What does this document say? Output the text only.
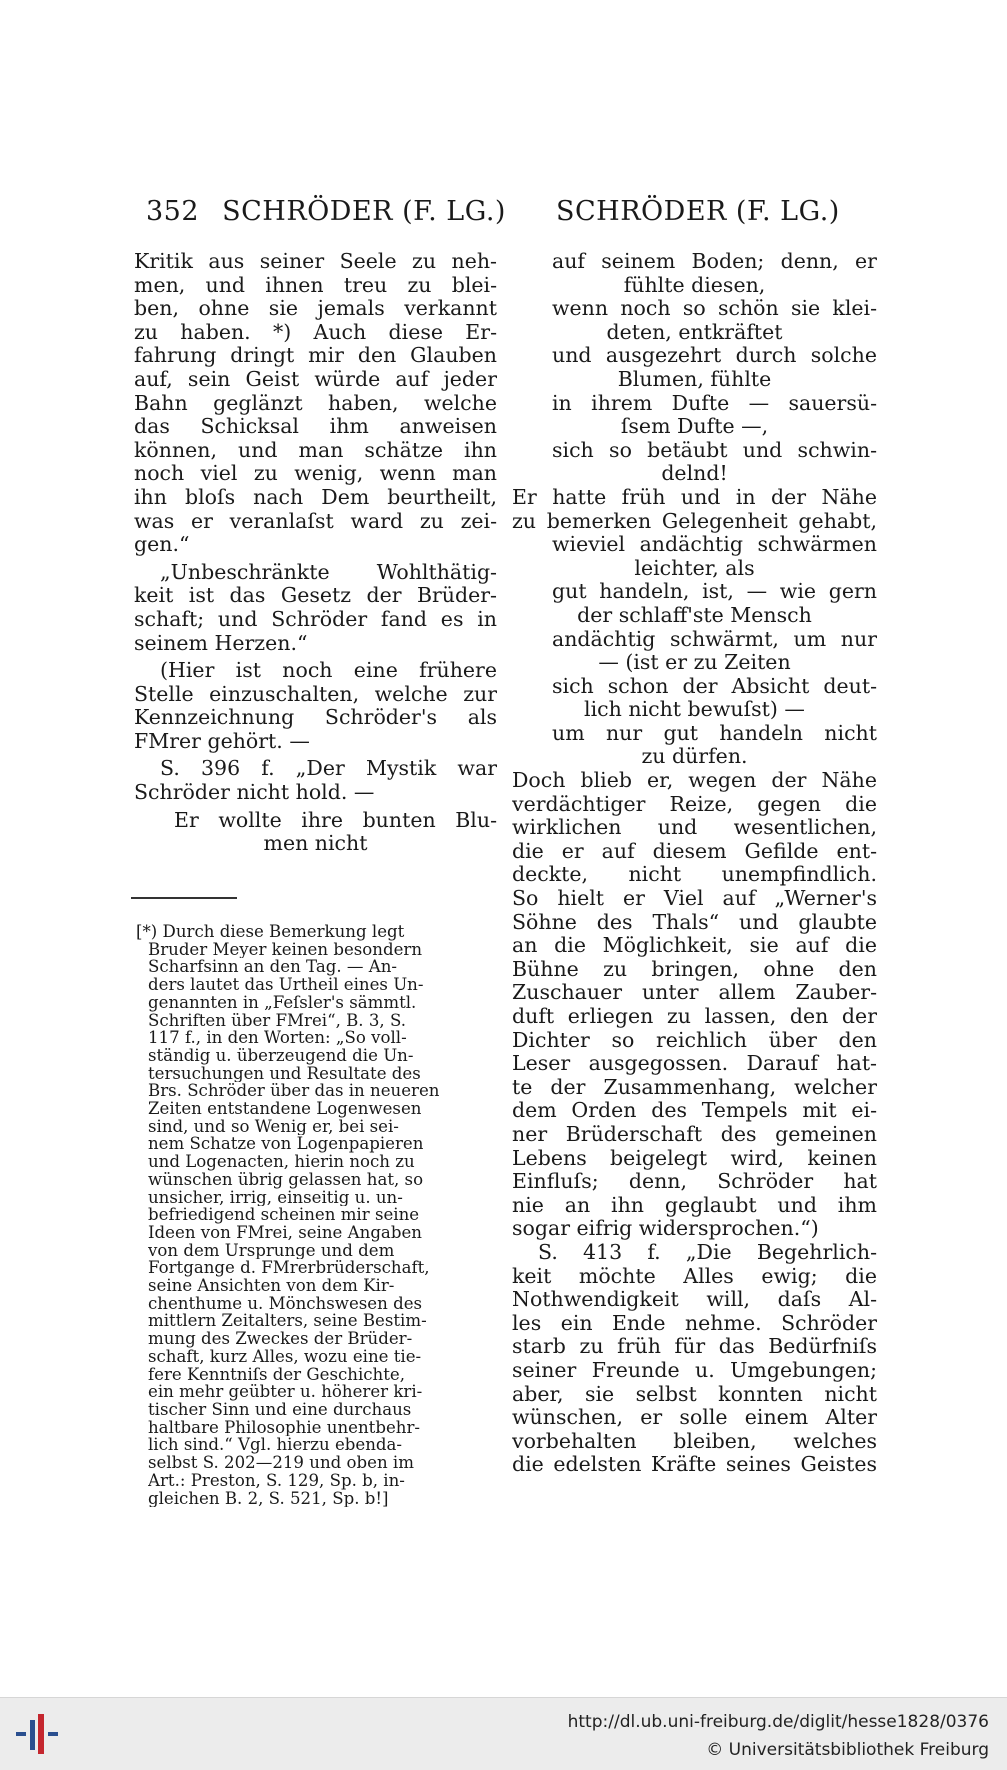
352 SCHRÖDER (F. LG.) SCHRÖDER (F. LG.)
Kritik aus seiner Seele zu neh-
men, und ihnen treu zu blei-
ben, ohne sie jemals verkannt
zu haben. *) Auch diese Er-
fahrung dringt mir den Glauben
auf, sein Geist würde auf jeder
Bahn geglänzt haben, welche
das Schicksal ihm anweisen
können, und man schätze ihn
noch viel zu wenig, wenn man
ihn bloſs nach Dem beurtheilt,
was er veranlaſst ward zu zei-
gen.“
„Unbeschränkte Wohlthätig-
keit ist das Gesetz der Brüder-
schaft; und Schröder fand es in
seinem Herzen.“
(Hier ist noch eine frühere
Stelle einzuschalten, welche zur
Kennzeichnung Schröder's als
FMrer gehört. —
S. 396 f. „Der Mystik war
Schröder nicht hold. —
Er wollte ihre bunten Blu-
men nicht
auf seinem Boden; denn, er
fühlte diesen,
wenn noch so schön sie klei-
deten, entkräftet
und ausgezehrt durch solche
Blumen, fühlte
in ihrem Dufte — sauersü-
ſsem Dufte —,
sich so betäubt und schwin-
delnd!
Er hatte früh und in der Nähe
zu bemerken Gelegenheit gehabt,
wieviel andächtig schwärmen
leichter, als
gut handeln, ist, — wie gern
der schlaff'ste Mensch
andächtig schwärmt, um nur
— (ist er zu Zeiten
sich schon der Absicht deut-
lich nicht bewuſst) —
um nur gut handeln nicht
zu dürfen.
Doch blieb er, wegen der Nähe
verdächtiger Reize, gegen die
wirklichen und wesentlichen,
die er auf diesem Gefilde ent-
deckte, nicht unempfindlich.
So hielt er Viel auf „Werner's
Söhne des Thals“ und glaubte
an die Möglichkeit, sie auf die
Bühne zu bringen, ohne den
Zuschauer unter allem Zauber-
duft erliegen zu lassen, den der
Dichter so reichlich über den
Leser ausgegossen. Darauf hat-
te der Zusammenhang, welcher
dem Orden des Tempels mit ei-
ner Brüderschaft des gemeinen
Lebens beigelegt wird, keinen
Einfluſs; denn, Schröder hat
nie an ihn geglaubt und ihm
sogar eifrig widersprochen.“)
S. 413 f. „Die Begehrlich-
keit möchte Alles ewig; die
Nothwendigkeit will, daſs Al-
les ein Ende nehme. Schröder
starb zu früh für das Bedürfniſs
seiner Freunde u. Umgebungen;
aber, sie selbst konnten nicht
wünschen, er solle einem Alter
vorbehalten bleiben, welches
die edelsten Kräfte seines Geistes
[*) Durch diese Bemerkung legt
Bruder Meyer keinen besondern
Scharfsinn an den Tag. — An-
ders lautet das Urtheil eines Un-
genannten in „Feſsler's sämmtl.
Schriften über FMrei“, B. 3, S.
117 f., in den Worten: „So voll-
ständig u. überzeugend die Un-
tersuchungen und Resultate des
Brs. Schröder über das in neueren
Zeiten entstandene Logenwesen
sind, und so Wenig er, bei sei-
nem Schatze von Logenpapieren
und Logenacten, hierin noch zu
wünschen übrig gelassen hat, so
unsicher, irrig, einseitig u. un-
befriedigend scheinen mir seine
Ideen von FMrei, seine Angaben
von dem Ursprunge und dem
Fortgange d. FMrerbrüderschaft,
seine Ansichten von dem Kir-
chenthume u. Mönchswesen des
mittlern Zeitalters, seine Bestim-
mung des Zweckes der Brüder-
schaft, kurz Alles, wozu eine tie-
fere Kenntniſs der Geschichte,
ein mehr geübter u. höherer kri-
tischer Sinn und eine durchaus
haltbare Philosophie unentbehr-
lich sind.“ Vgl. hierzu ebenda-
selbst S. 202—219 und oben im
Art.: Preston, S. 129, Sp. b, in-
gleichen B. 2, S. 521, Sp. b!]
http://dl.ub.uni-freiburg.de/diglit/hesse1828/0376
© Universitätsbibliothek Freiburg
